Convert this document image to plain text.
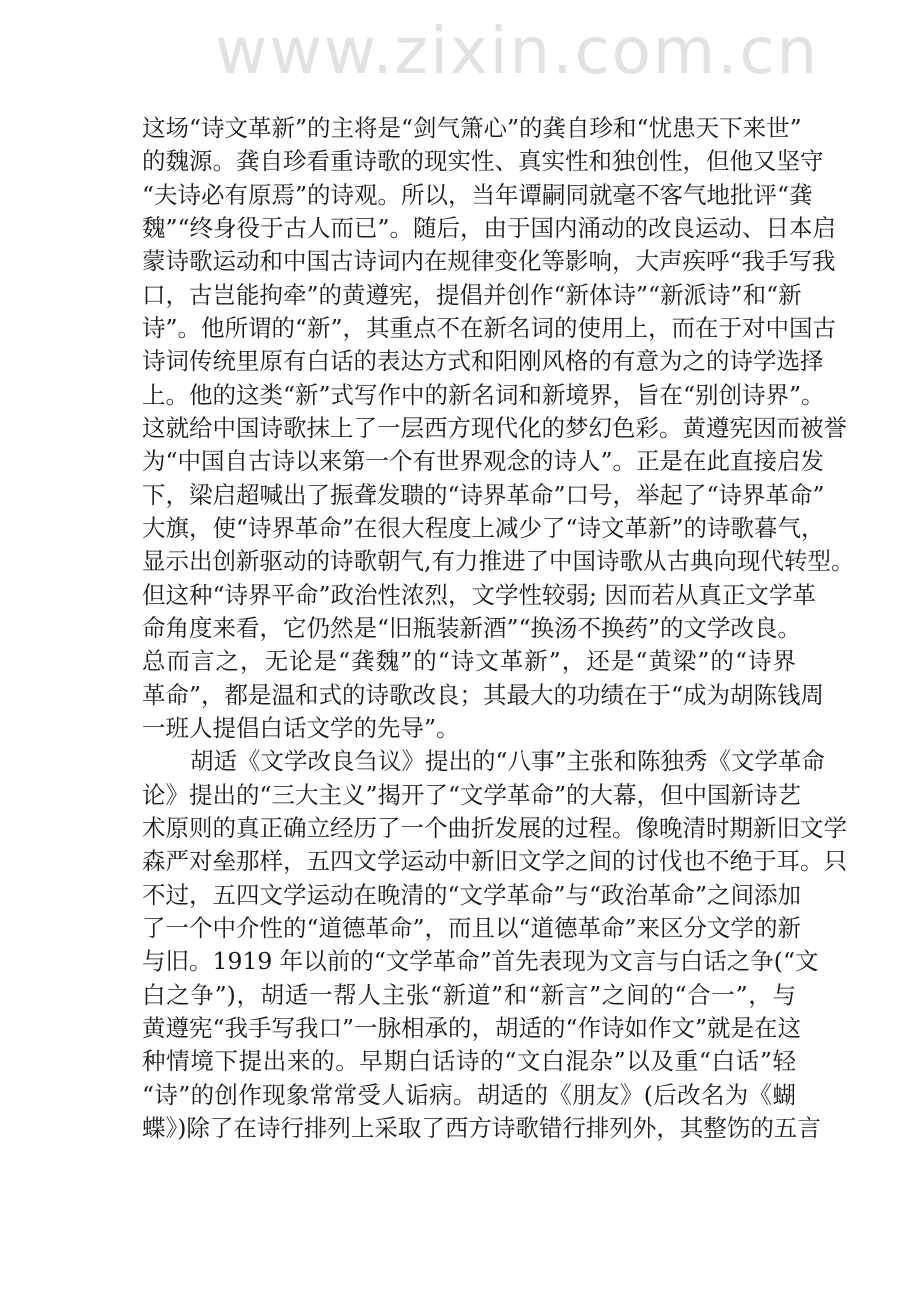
www.zixin.com.cn
这场“诗文革新”的主将是“剑气箫心”的龚自珍和“忧患天下来世”
的魏源。龚自珍看重诗歌的现实性、真实性和独创性，但他又坚守
“夫诗必有原焉”的诗观。所以，当年谭嗣同就毫不客气地批评“龚
魏”“终身役于古人而已”。随后，由于国内涌动的改良运动、日本启
蒙诗歌运动和中国古诗词内在规律变化等影响，大声疾呼“我手写我
口，古岂能拘牵”的黄遵宪，提倡并创作“新体诗”“新派诗”和“新
诗”。他所谓的“新”，其重点不在新名词的使用上，而在于对中国古
诗词传统里原有白话的表达方式和阳刚风格的有意为之的诗学选择
上。他的这类“新”式写作中的新名词和新境界，旨在“别创诗界”。
这就给中国诗歌抹上了一层西方现代化的梦幻色彩。黄遵宪因而被誉
为“中国自古诗以来第一个有世界观念的诗人”。正是在此直接启发
下，梁启超喊出了振聋发聩的“诗界革命”口号，举起了“诗界革命”
大旗，使“诗界革命”在很大程度上减少了“诗文革新”的诗歌暮气，
显示出创新驱动的诗歌朝气,有力推进了中国诗歌从古典向现代转型。
但这种“诗界平命”政治性浓烈，文学性较弱; 因而若从真正文学革
命角度来看，它仍然是“旧瓶装新酒”“换汤不换药”的文学改良。
总而言之，无论是“龚魏”的“诗文革新”，还是“黄梁”的“诗界
革命”，都是温和式的诗歌改良；其最大的功绩在于“成为胡陈钱周
一班人提倡白话文学的先导”。
胡适《文学改良刍议》提出的“八事”主张和陈独秀《文学革命
论》提出的“三大主义”揭开了“文学革命”的大幕，但中国新诗艺
术原则的真正确立经历了一个曲折发展的过程。像晚清时期新旧文学
森严对垒那样，五四文学运动中新旧文学之间的讨伐也不绝于耳。只
不过，五四文学运动在晚清的“文学革命”与“政治革命”之间添加
了一个中介性的“道德革命”，而且以“道德革命”来区分文学的新
与旧。1919 年以前的“文学革命”首先表现为文言与白话之争(“文
白之争”)，胡适一帮人主张“新道”和“新言”之间的“合一”，与
黄遵宪“我手写我口”一脉相承的，胡适的“作诗如作文”就是在这
种情境下提出来的。早期白话诗的“文白混杂”以及重“白话”轻
“诗”的创作现象常常受人诟病。胡适的《朋友》(后改名为《蝴
蝶》)除了在诗行排列上采取了西方诗歌错行排列外，其整饬的五言
